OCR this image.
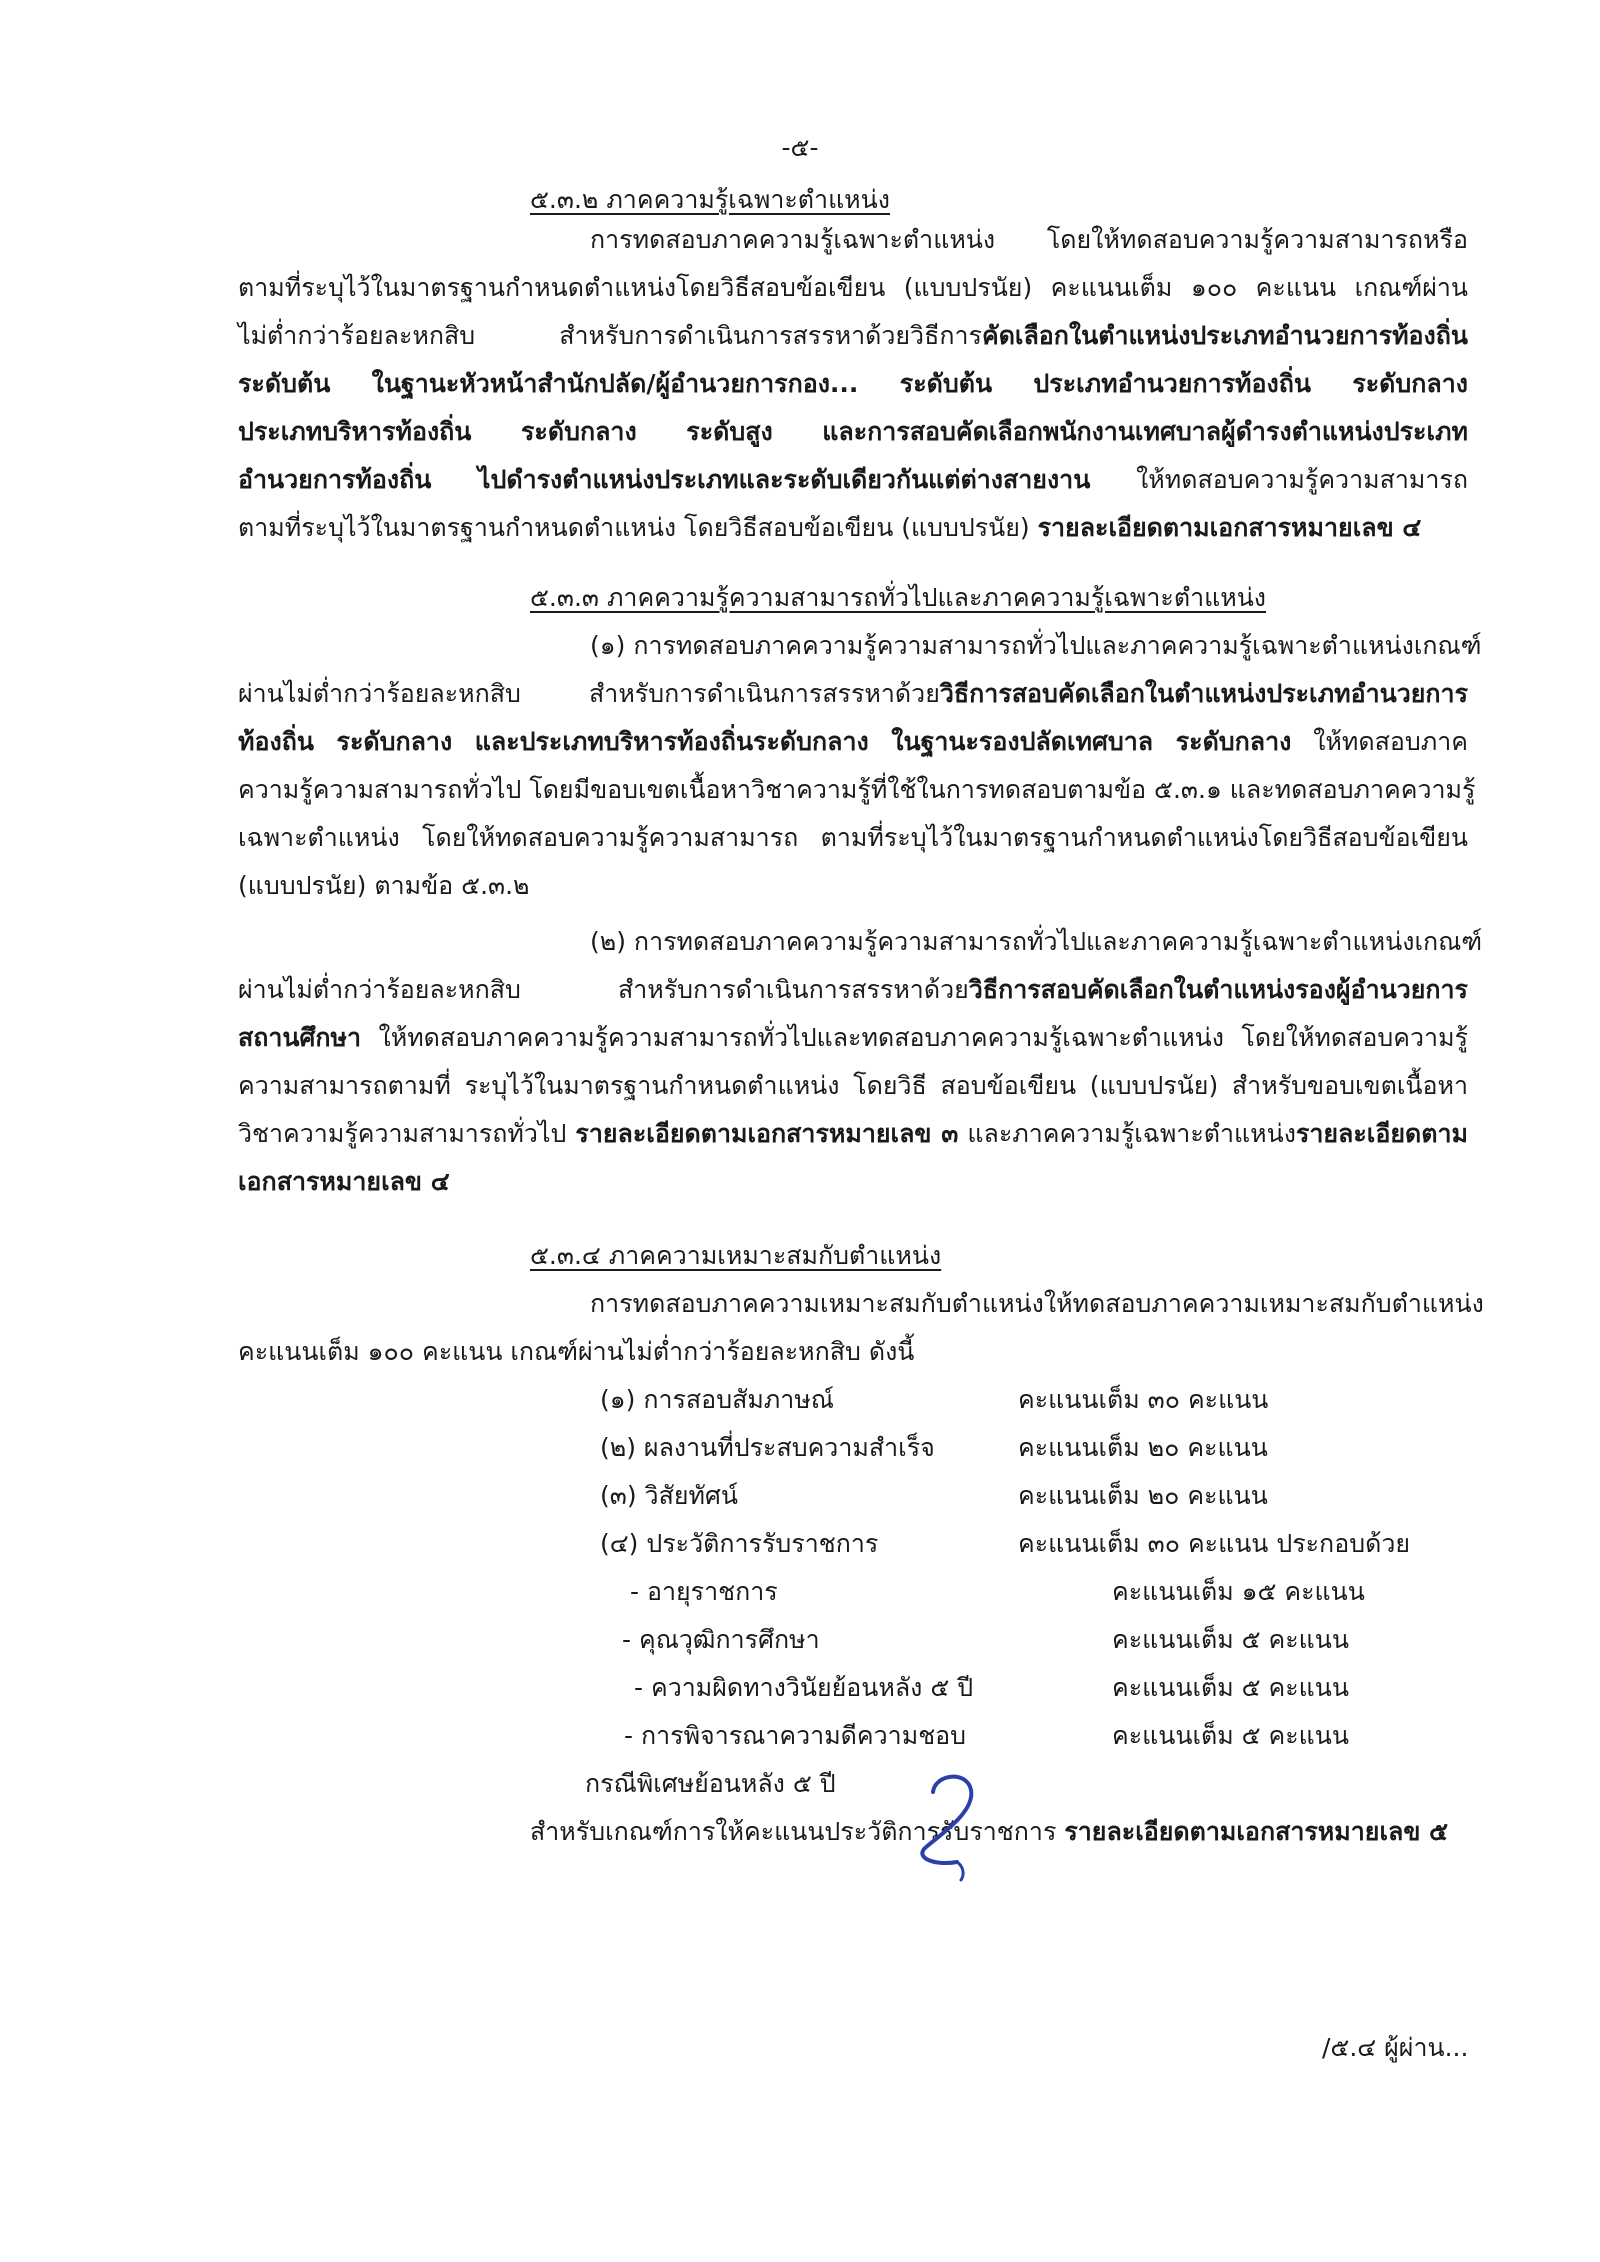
-๕-
๕.๓.๒ ภาคความรู้เฉพาะตำแหน่ง
การทดสอบภาคความรู้เฉพาะตำแหน่ง โดยให้ทดสอบความรู้ความสามารถหรือ
ตามที่ระบุไว้ในมาตรฐานกำหนดตำแหน่งโดยวิธีสอบข้อเขียน (แบบปรนัย) คะแนนเต็ม ๑๐๐ คะแนน เกณฑ์ผ่าน
ไม่ต่ำกว่าร้อยละหกสิบ สำหรับการดำเนินการสรรหาด้วยวิธีการคัดเลือกในตำแหน่งประเภทอำนวยการท้องถิ่น
ระดับต้น ในฐานะหัวหน้าสำนักปลัด/ผู้อำนวยการกอง... ระดับต้น ประเภทอำนวยการท้องถิ่น ระดับกลาง
ประเภทบริหารท้องถิ่น ระดับกลาง ระดับสูง และการสอบคัดเลือกพนักงานเทศบาลผู้ดำรงตำแหน่งประเภท
อำนวยการท้องถิ่น ไปดำรงตำแหน่งประเภทและระดับเดียวกันแต่ต่างสายงาน ให้ทดสอบความรู้ความสามารถ
ตามที่ระบุไว้ในมาตรฐานกำหนดตำแหน่ง โดยวิธีสอบข้อเขียน (แบบปรนัย) รายละเอียดตามเอกสารหมายเลข ๔
๕.๓.๓ ภาคความรู้ความสามารถทั่วไปและภาคความรู้เฉพาะตำแหน่ง
(๑) การทดสอบภาคความรู้ความสามารถทั่วไปและภาคความรู้เฉพาะตำแหน่งเกณฑ์
ผ่านไม่ต่ำกว่าร้อยละหกสิบ สำหรับการดำเนินการสรรหาด้วยวิธีการสอบคัดเลือกในตำแหน่งประเภทอำนวยการ
ท้องถิ่น ระดับกลาง และประเภทบริหารท้องถิ่นระดับกลาง ในฐานะรองปลัดเทศบาล ระดับกลาง ให้ทดสอบภาค
ความรู้ความสามารถทั่วไป โดยมีขอบเขตเนื้อหาวิชาความรู้ที่ใช้ในการทดสอบตามข้อ ๕.๓.๑ และทดสอบภาคความรู้
เฉพาะตำแหน่ง โดยให้ทดสอบความรู้ความสามารถ ตามที่ระบุไว้ในมาตรฐานกำหนดตำแหน่งโดยวิธีสอบข้อเขียน
(แบบปรนัย) ตามข้อ ๕.๓.๒
(๒) การทดสอบภาคความรู้ความสามารถทั่วไปและภาคความรู้เฉพาะตำแหน่งเกณฑ์
ผ่านไม่ต่ำกว่าร้อยละหกสิบ สำหรับการดำเนินการสรรหาด้วยวิธีการสอบคัดเลือกในตำแหน่งรองผู้อำนวยการ
สถานศึกษา ให้ทดสอบภาคความรู้ความสามารถทั่วไปและทดสอบภาคความรู้เฉพาะตำแหน่ง โดยให้ทดสอบความรู้
ความสามารถตามที่ ระบุไว้ในมาตรฐานกำหนดตำแหน่ง โดยวิธี สอบข้อเขียน (แบบปรนัย) สำหรับขอบเขตเนื้อหา
วิชาความรู้ความสามารถทั่วไป รายละเอียดตามเอกสารหมายเลข ๓ และภาคความรู้เฉพาะตำแหน่งรายละเอียดตาม
เอกสารหมายเลข ๔
๕.๓.๔ ภาคความเหมาะสมกับตำแหน่ง
การทดสอบภาคความเหมาะสมกับตำแหน่งให้ทดสอบภาคความเหมาะสมกับตำแหน่ง
คะแนนเต็ม ๑๐๐ คะแนน เกณฑ์ผ่านไม่ต่ำกว่าร้อยละหกสิบ ดังนี้
(๑) การสอบสัมภาษณ์	คะแนนเต็ม ๓๐ คะแนน
(๒) ผลงานที่ประสบความสำเร็จ	คะแนนเต็ม ๒๐ คะแนน
(๓) วิสัยทัศน์	คะแนนเต็ม ๒๐ คะแนน
(๔) ประวัติการรับราชการ	คะแนนเต็ม ๓๐ คะแนน ประกอบด้วย
- อายุราชการ	คะแนนเต็ม ๑๕ คะแนน
- คุณวุฒิการศึกษา	คะแนนเต็ม ๕ คะแนน
- ความผิดทางวินัยย้อนหลัง ๕ ปี	คะแนนเต็ม ๕ คะแนน
- การพิจารณาความดีความชอบ	คะแนนเต็ม ๕ คะแนน
กรณีพิเศษย้อนหลัง ๕ ปี
สำหรับเกณฑ์การให้คะแนนประวัติการรับราชการ รายละเอียดตามเอกสารหมายเลข ๕
/๕.๔ ผู้ผ่าน...
